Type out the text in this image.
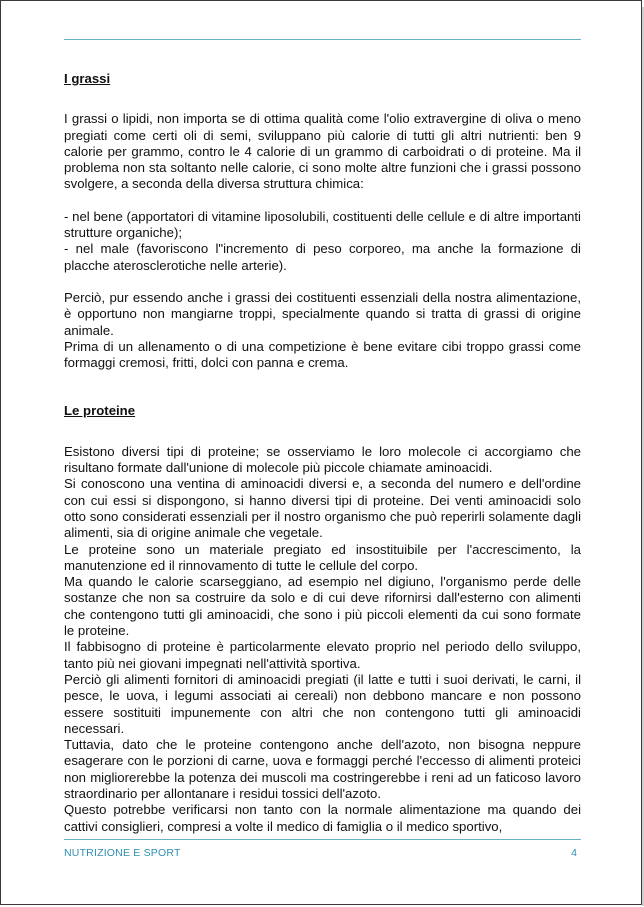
I grassi

I grassi o lipidi, non importa se di ottima qualità come l'olio extravergine di oliva o meno pregiati come certi oli di semi, sviluppano più calorie di tutti gli altri nutrienti: ben 9 calorie per grammo, contro le 4 calorie di un grammo di carboidrati o di proteine. Ma il problema non sta soltanto nelle calorie, ci sono molte altre funzioni che i grassi possono svolgere, a seconda della diversa struttura chimica:

- nel bene (apportatori di vitamine liposolubili, costituenti delle cellule e di altre importanti strutture organiche);

- nel male (favoriscono l"incremento di peso corporeo, ma anche la formazione di placche aterosclerotiche nelle arterie).

Perciò, pur essendo anche i grassi dei costituenti essenziali della nostra alimentazione, è opportuno non mangiarne troppi, specialmente quando si tratta di grassi di origine animale.

Prima di un allenamento o di una competizione è bene evitare cibi troppo grassi come formaggi cremosi, fritti, dolci con panna e crema.

Le proteine

Esistono diversi tipi di proteine; se osserviamo le loro molecole ci accorgiamo che risultano formate dall'unione di molecole più piccole chiamate aminoacidi.

Si conoscono una ventina di aminoacidi diversi e, a seconda del numero e dell'ordine con cui essi si dispongono, si hanno diversi tipi di proteine. Dei venti aminoacidi solo otto sono considerati essenziali per il nostro organismo che può reperirli solamente dagli alimenti, sia di origine animale che vegetale.

Le proteine sono un materiale pregiato ed insostituibile per l'accrescimento, la manutenzione ed il rinnovamento di tutte le cellule del corpo.

Ma quando le calorie scarseggiano, ad esempio nel digiuno, l'organismo perde delle sostanze che non sa costruire da solo e di cui deve rifornirsi dall'esterno con alimenti che contengono tutti gli aminoacidi, che sono i più piccoli elementi da cui sono formate le proteine.

Il fabbisogno di proteine è particolarmente elevato proprio nel periodo dello sviluppo, tanto più nei giovani impegnati nell'attività sportiva.

Perciò gli alimenti fornitori di aminoacidi pregiati (il latte e tutti i suoi derivati, le carni, il pesce, le uova, i legumi associati ai cereali) non debbono mancare e non possono essere sostituiti impunemente con altri che non contengono tutti gli aminoacidi necessari.

Tuttavia, dato che le proteine contengono anche dell'azoto, non bisogna neppure esagerare con le porzioni di carne, uova e formaggi perché l'eccesso di alimenti proteici non migliorerebbe la potenza dei muscoli ma costringerebbe i reni ad un faticoso lavoro straordinario per allontanare i residui tossici dell'azoto.

Questo potrebbe verificarsi non tanto con la normale alimentazione ma quando dei cattivi consiglieri, compresi a volte il medico di famiglia o il medico sportivo,

NUTRIZIONE E SPORT	4
